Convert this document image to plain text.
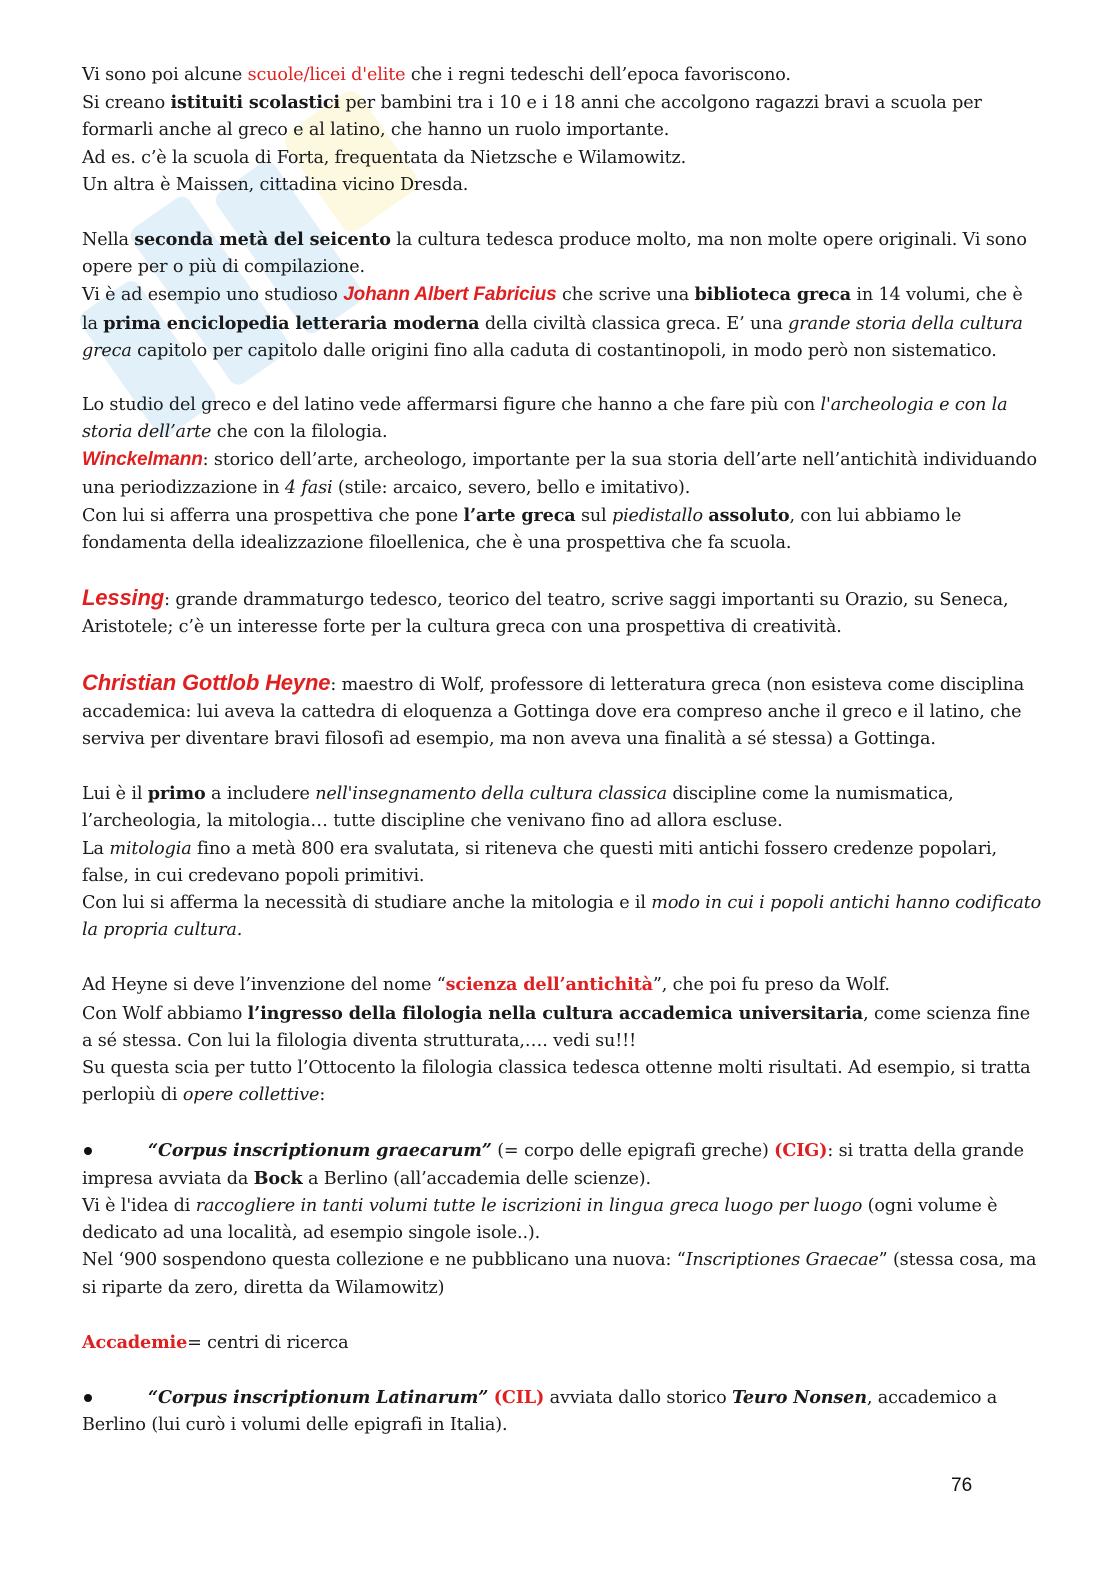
Vi sono poi alcune scuole/licei d'elite che i regni tedeschi dell’epoca favoriscono.
Si creano istituiti scolastici per bambini tra i 10 e i 18 anni che accolgono ragazzi bravi a scuola per formarli anche al greco e al latino, che hanno un ruolo importante.
Ad es. c’è la scuola di Forta, frequentata da Nietzsche e Wilamowitz.
Un altra è Maissen, cittadina vicino Dresda.

Nella seconda metà del seicento la cultura tedesca produce molto, ma non molte opere originali. Vi sono opere per o più di compilazione.
Vi è ad esempio uno studioso Johann Albert Fabricius che scrive una biblioteca greca in 14 volumi, che è la prima enciclopedia letteraria moderna della civiltà classica greca. E’ una grande storia della cultura greca capitolo per capitolo dalle origini fino alla caduta di costantinopoli, in modo però non sistematico.

Lo studio del greco e del latino vede affermarsi figure che hanno a che fare più con l'archeologia e con la storia dell’arte che con la filologia.
Winckelmann: storico dell’arte, archeologo, importante per la sua storia dell’arte nell’antichità individuando una periodizzazione in 4 fasi (stile: arcaico, severo, bello e imitativo).
Con lui si afferra una prospettiva che pone l’arte greca sul piedistallo assoluto, con lui abbiamo le fondamenta della idealizzazione filoellenica, che è una prospettiva che fa scuola.

Lessing: grande drammaturgo tedesco, teorico del teatro, scrive saggi importanti su Orazio, su Seneca, Aristotele; c’è un interesse forte per la cultura greca con una prospettiva di creatività.

Christian Gottlob Heyne: maestro di Wolf, professore di letteratura greca (non esisteva come disciplina accademica: lui aveva la cattedra di eloquenza a Gottinga dove era compreso anche il greco e il latino, che serviva per diventare bravi filosofi ad esempio, ma non aveva una finalità a sé stessa) a Gottinga.

Lui è il primo a includere nell'insegnamento della cultura classica discipline come la numismatica, l’archeologia, la mitologia… tutte discipline che venivano fino ad allora escluse.
La mitologia fino a metà 800 era svalutata, si riteneva che questi miti antichi fossero credenze popolari, false, in cui credevano popoli primitivi.
Con lui si afferma la necessità di studiare anche la mitologia e il modo in cui i popoli antichi hanno codificato la propria cultura.

Ad Heyne si deve l’invenzione del nome “scienza dell’antichità”, che poi fu preso da Wolf.
Con Wolf abbiamo l’ingresso della filologia nella cultura accademica universitaria, come scienza fine a sé stessa. Con lui la filologia diventa strutturata,…. vedi su!!!
Su questa scia per tutto l’Ottocento la filologia classica tedesca ottenne molti risultati. Ad esempio, si tratta perlopiù di opere collettive:

“Corpus inscriptionum graecarum” (= corpo delle epigrafi greche) (CIG): si tratta della grande impresa avviata da Bock a Berlino (all’accademia delle scienze).
Vi è l'idea di raccogliere in tanti volumi tutte le iscrizioni in lingua greca luogo per luogo (ogni volume è dedicato ad una località, ad esempio singole isole..).
Nel ‘900 sospendono questa collezione e ne pubblicano una nuova: “Inscriptiones Graecae” (stessa cosa, ma si riparte da zero, diretta da Wilamowitz)

Accademie= centri di ricerca

“Corpus inscriptionum Latinarum” (CIL) avviata dallo storico Teuro Nonsen, accademico a Berlino (lui curò i volumi delle epigrafi in Italia).

76
